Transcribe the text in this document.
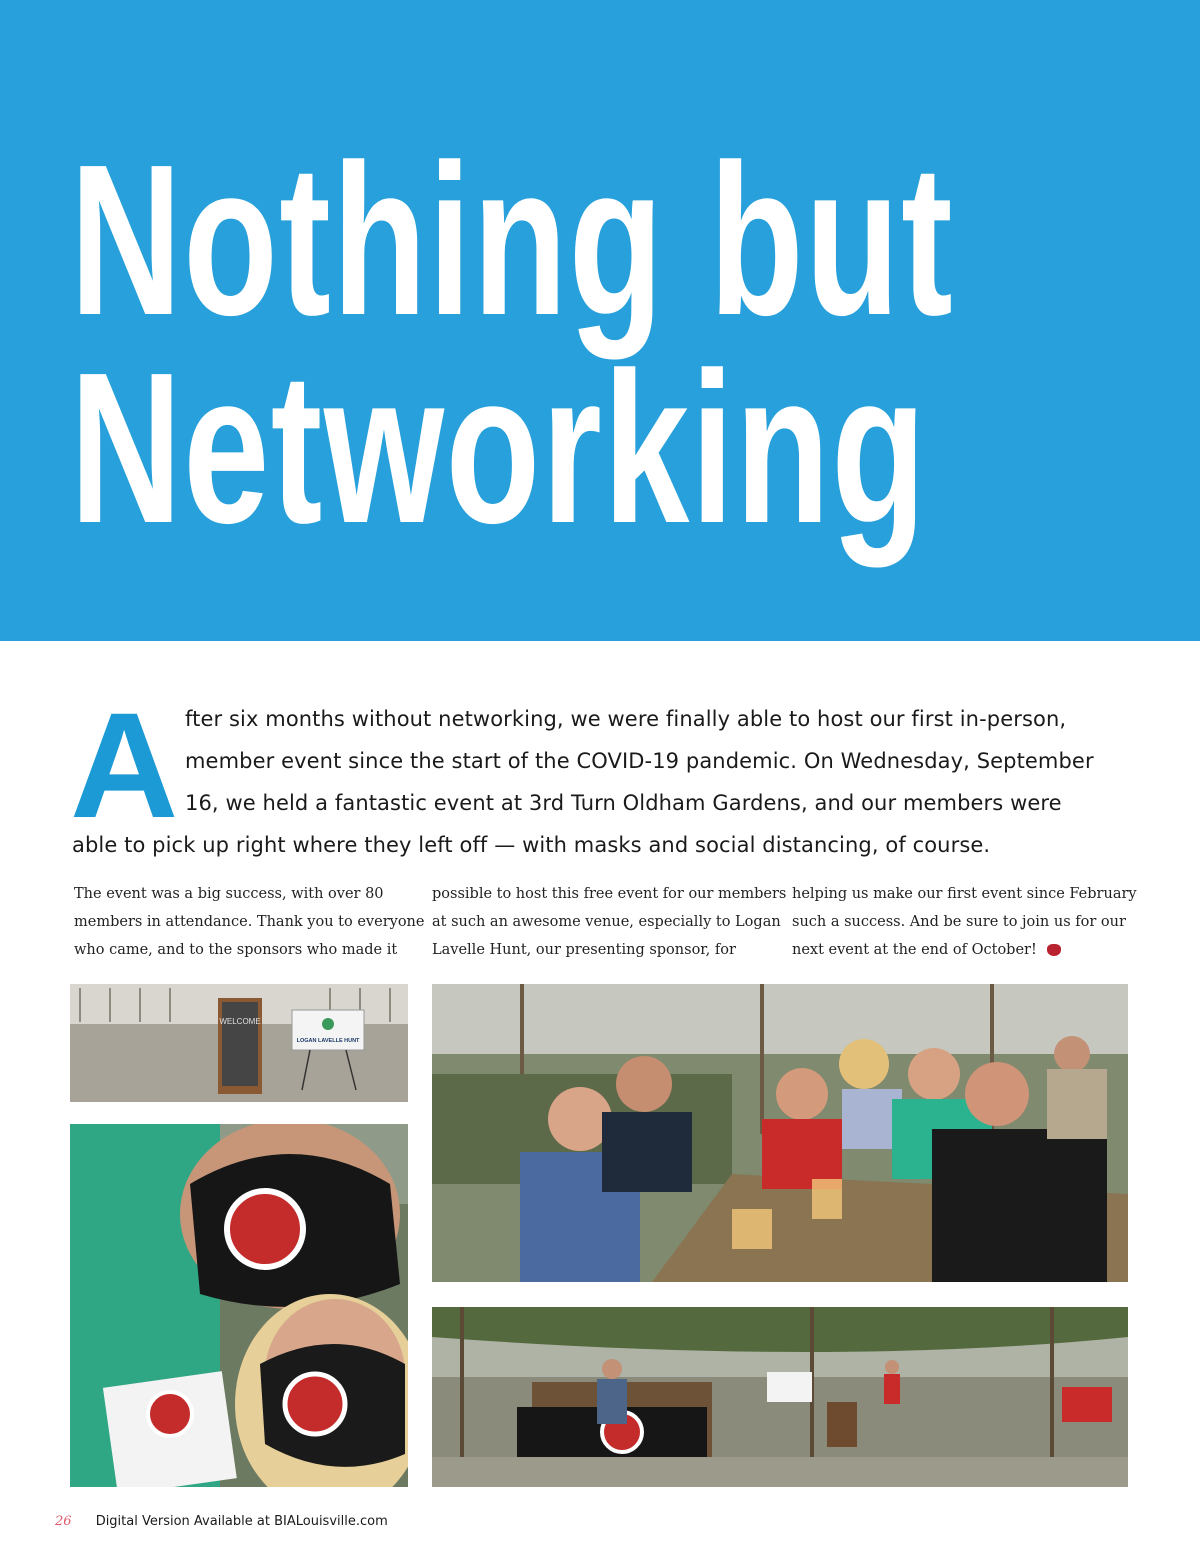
Nothing but
Networking
A fter six months without networking, we were finally able to host our first in-person,
member event since the start of the COVID-19 pandemic. On Wednesday, September
16, we held a fantastic event at 3rd Turn Oldham Gardens, and our members were
able to pick up right where they left off — with masks and social distancing, of course.
The event was a big success, with over 80
members in attendance. Thank you to everyone
who came, and to the sponsors who made it
possible to host this free event for our members
at such an awesome venue, especially to Logan
Lavelle Hunt, our presenting sponsor, for
helping us make our first event since February
such a success. And be sure to join us for our
next event at the end of October!
WELCOME
LOGAN LAVELLE HUNT
26 Digital Version Available at BIALouisville.com
